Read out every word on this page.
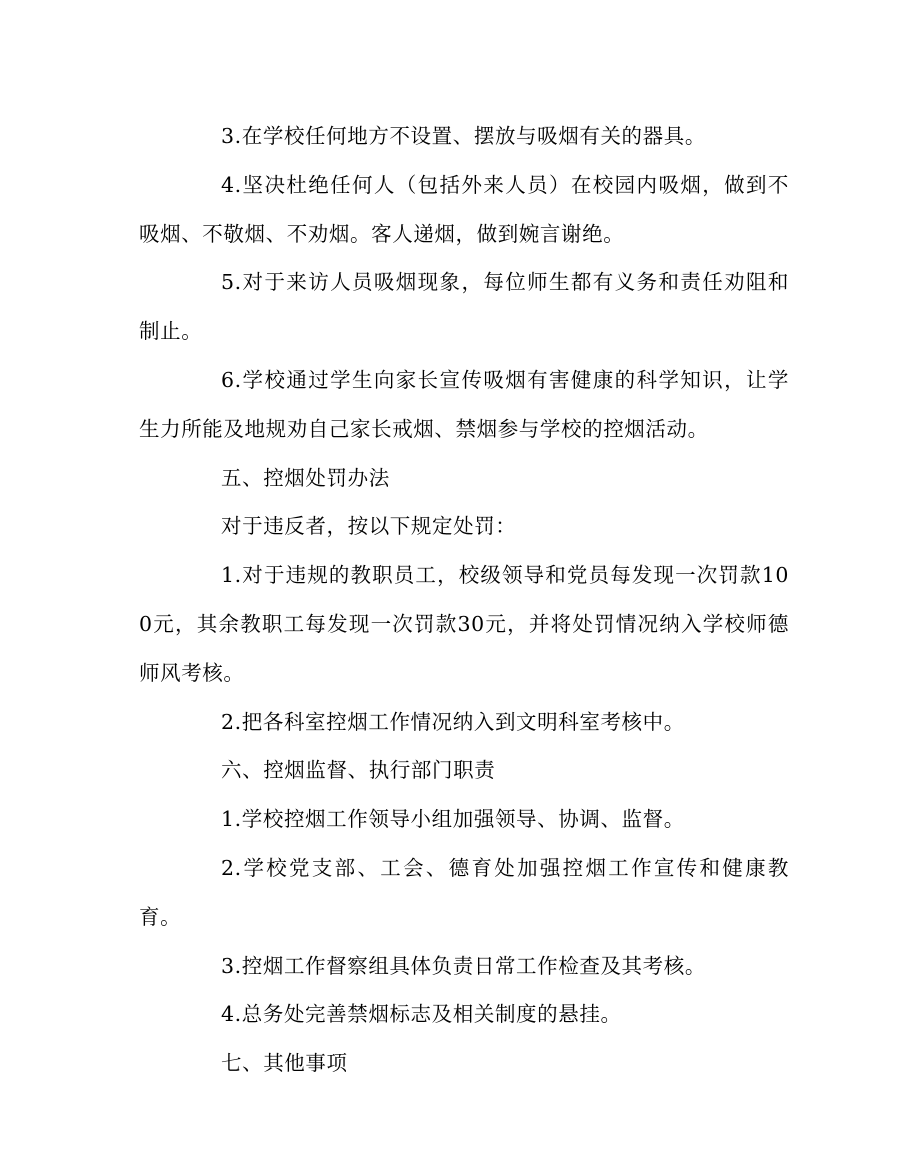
3.在学校任何地方不设置、摆放与吸烟有关的器具。

4.坚决杜绝任何人（包括外来人员）在校园内吸烟，做到不吸烟、不敬烟、不劝烟。客人递烟，做到婉言谢绝。

5.对于来访人员吸烟现象，每位师生都有义务和责任劝阻和制止。

6.学校通过学生向家长宣传吸烟有害健康的科学知识，让学生力所能及地规劝自己家长戒烟、禁烟参与学校的控烟活动。

五、控烟处罚办法

对于违反者，按以下规定处罚：

1.对于违规的教职员工，校级领导和党员每发现一次罚款100元，其余教职工每发现一次罚款30元，并将处罚情况纳入学校师德师风考核。

2.把各科室控烟工作情况纳入到文明科室考核中。

六、控烟监督、执行部门职责

1.学校控烟工作领导小组加强领导、协调、监督。

2.学校党支部、工会、德育处加强控烟工作宣传和健康教育。

3.控烟工作督察组具体负责日常工作检查及其考核。

4.总务处完善禁烟标志及相关制度的悬挂。

七、其他事项
